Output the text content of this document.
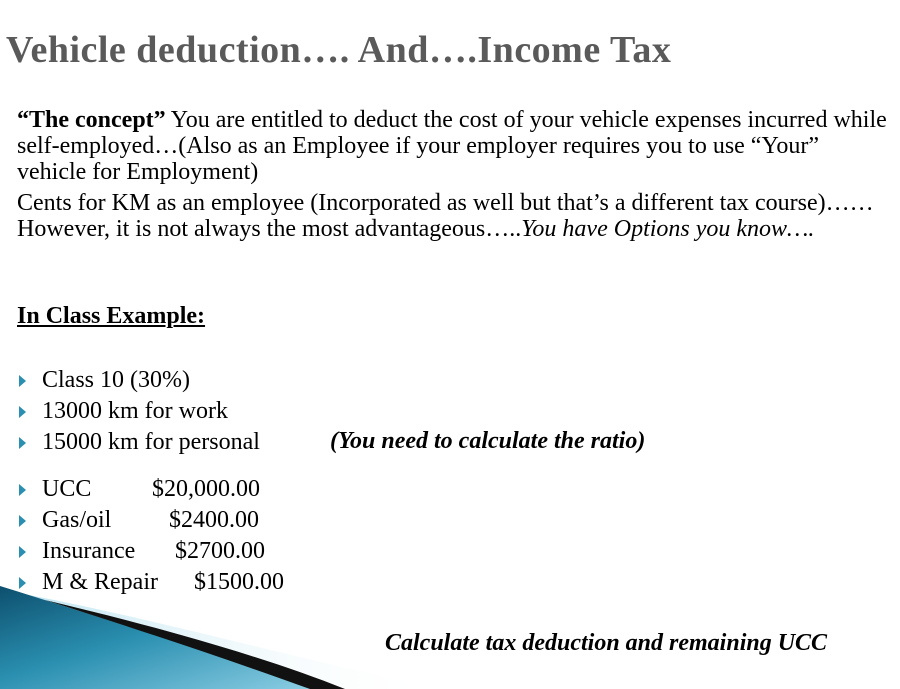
Vehicle deduction…. And….Income Tax
“The concept” You are entitled to deduct the cost of your vehicle expenses incurred while self-employed…(Also as an Employee if your employer requires you to use “Your” vehicle for Employment)
Cents for KM as an employee (Incorporated as well but that’s a different tax course)……However, it is not always the most advantageous…..You have Options you know….
In Class Example:
Class 10 (30%)
13000 km for work
15000 km for personal
UCC	$20,000.00
Gas/oil $2400.00
Insurance $2700.00
M & Repair $1500.00
(You need to calculate the ratio)
Calculate tax deduction and remaining UCC
